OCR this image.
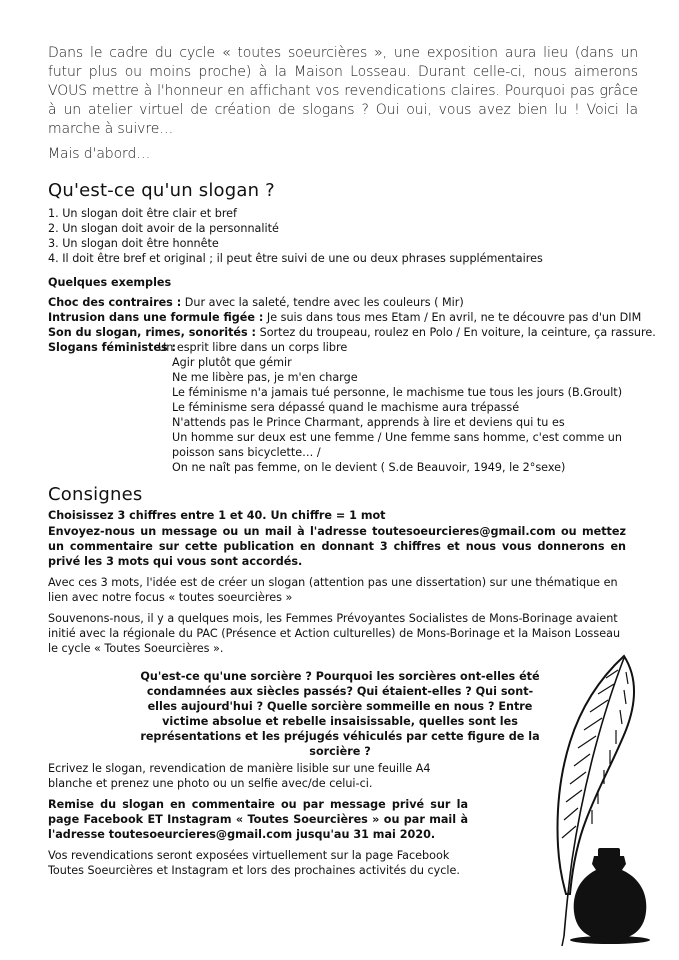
Dans le cadre du cycle « toutes soeurcières », une exposition aura lieu (dans un futur plus ou moins proche) à la Maison Losseau. Durant celle-ci, nous aimerons VOUS mettre à l'honneur en affichant vos revendications claires. Pourquoi pas grâce à un atelier virtuel de création de slogans ? Oui oui, vous avez bien lu ! Voici la marche à suivre…

Mais d'abord…

Qu'est-ce qu'un slogan ?
1. Un slogan doit être clair et bref
2. Un slogan doit avoir de la personnalité
3. Un slogan doit être honnête
4. Il doit être bref et original ; il peut être suivi de une ou deux phrases supplémentaires
Quelques exemples
Choc des contraires : Dur avec la saleté, tendre avec les couleurs ( Mir)
Intrusion dans une formule figée : Je suis dans tous mes Etam / En avril, ne te découvre pas d'un DIM
Son du slogan, rimes, sonorités : Sortez du troupeau, roulez en Polo / En voiture, la ceinture, ça rassure.
Slogans féministes :
Un esprit libre dans un corps libre
Agir plutôt que gémir
Ne me libère pas, je m'en charge
Le féminisme n'a jamais tué personne, le machisme tue tous les jours (B.Groult)
Le féminisme sera dépassé quand le machisme aura trépassé
N'attends pas le Prince Charmant, apprends à lire et deviens qui tu es
Un homme sur deux est une femme / Une femme sans homme, c'est comme un poisson sans bicyclette… /
On ne naît pas femme, on le devient ( S.de Beauvoir, 1949, le 2°sexe)
Consignes

Choisissez 3 chiffres entre 1 et 40. Un chiffre = 1 mot

Envoyez-nous un message ou un mail à l'adresse toutesoeurcieres@gmail.com ou mettez un commentaire sur cette publication en donnant 3 chiffres et nous vous donnerons en privé les 3 mots qui vous sont accordés.

Avec ces 3 mots, l'idée est de créer un slogan (attention pas une dissertation) sur une thématique en lien avec notre focus « toutes soeurcières »

Souvenons-nous, il y a quelques mois, les Femmes Prévoyantes Socialistes de Mons-Borinage avaient initié avec la régionale du PAC (Présence et Action culturelles) de Mons-Borinage et la Maison Losseau le cycle « Toutes Soeurcières ».

Qu'est-ce qu'une sorcière ? Pourquoi les sorcières ont-elles été condamnées aux siècles passés? Qui étaient-elles ? Qui sont-elles aujourd'hui ? Quelle sorcière sommeille en nous ? Entre victime absolue et rebelle insaisissable, quelles sont les représentations et les préjugés véhiculés par cette figure de la sorcière ?

Ecrivez le slogan, revendication de manière lisible sur une feuille A4 blanche et prenez une photo ou un selfie avec/de celui-ci.

Remise du slogan en commentaire ou par message privé sur la page Facebook ET Instagram « Toutes Soeurcières » ou par mail à l'adresse toutesoeurcieres@gmail.com jusqu'au 31 mai 2020.

Vos revendications seront exposées virtuellement sur la page Facebook Toutes Soeurcières et Instagram et lors des prochaines activités du cycle.
